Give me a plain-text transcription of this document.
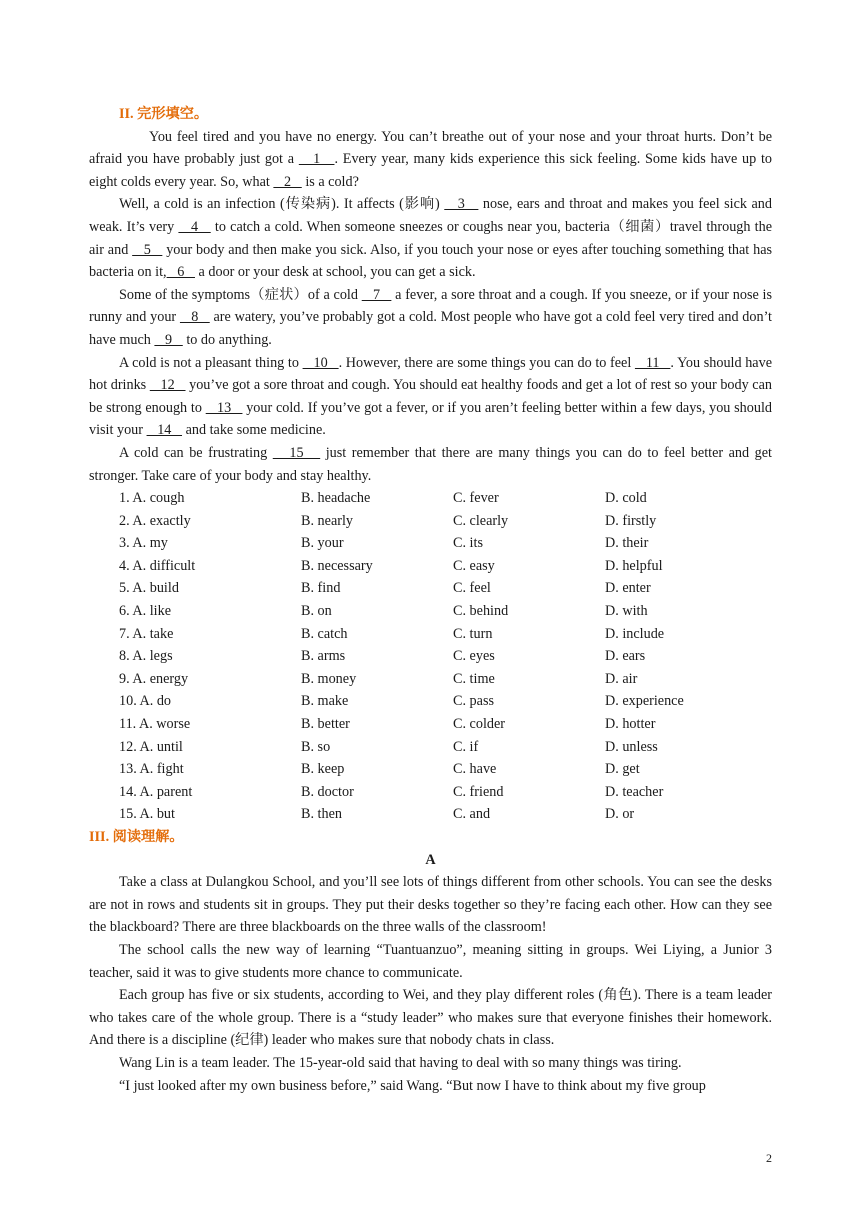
II. 完形填空。

You feel tired and you have no energy. You can’t breathe out of your nose and your throat hurts. Don’t be afraid you have probably just got a    1   . Every year, many kids experience this sick feeling. Some kids have up to eight colds every year. So, what    2    is a cold?

Well, a cold is an infection (传染病). It affects (影响)    3    nose, ears and throat and makes you feel sick and weak. It’s very    4    to catch a cold. When someone sneezes or coughs near you, bacteria（细菌）travel through the air and    5    your body and then make you sick. Also, if you touch your nose or eyes after touching something that has bacteria on it,   6    a door or your desk at school, you can get a sick.

Some of the symptoms（症状）of a cold    7    a fever, a sore throat and a cough. If you sneeze, or if your nose is runny and your    8    are watery, you’ve probably got a cold. Most people who have got a cold feel very tired and don’t have much    9    to do anything.

A cold is not a pleasant thing to    10   . However, there are some things you can do to feel    11   . You should have hot drinks    12    you’ve got a sore throat and cough. You should eat healthy foods and get a lot of rest so your body can be strong enough to    13    your cold. If you’ve got a fever, or if you aren’t feeling better within a few days, you should visit your    14    and take some medicine.

A cold can be frustrating    15    just remember that there are many things you can do to feel better and get stronger. Take care of your body and stay healthy.

1. A. cough	B. headache	C. fever	D. cold
2. A. exactly	B. nearly	C. clearly	D. firstly
3. A. my	B. your	C. its	D. their
4. A. difficult	B. necessary	C. easy	D. helpful
5. A. build	B. find	C. feel	D. enter
6. A. like	B. on	C. behind	D. with
7. A. take	B. catch	C. turn	D. include
8. A. legs	B. arms	C. eyes	D. ears
9. A. energy	B. money	C. time	D. air
10. A. do	B. make	C. pass	D. experience
11. A. worse	B. better	C. colder	D. hotter
12. A. until	B. so	C. if	D. unless
13. A. fight	B. keep	C. have	D. get
14. A. parent	B. doctor	C. friend	D. teacher
15. A. but	B. then	C. and	D. or
III. 阅读理解。
A

Take a class at Dulangkou School, and you’ll see lots of things different from other schools. You can see the desks are not in rows and students sit in groups. They put their desks together so they’re facing each other. How can they see the blackboard? There are three blackboards on the three walls of the classroom!

The school calls the new way of learning “Tuantuanzuo”, meaning sitting in groups. Wei Liying, a Junior 3 teacher, said it was to give students more chance to communicate.

Each group has five or six students, according to Wei, and they play different roles (角色). There is a team leader who takes care of the whole group. There is a “study leader” who makes sure that everyone finishes their homework. And there is a discipline (纪律) leader who makes sure that nobody chats in class.

Wang Lin is a team leader. The 15-year-old said that having to deal with so many things was tiring.

“I just looked after my own business before,” said Wang. “But now I have to think about my five group

2
